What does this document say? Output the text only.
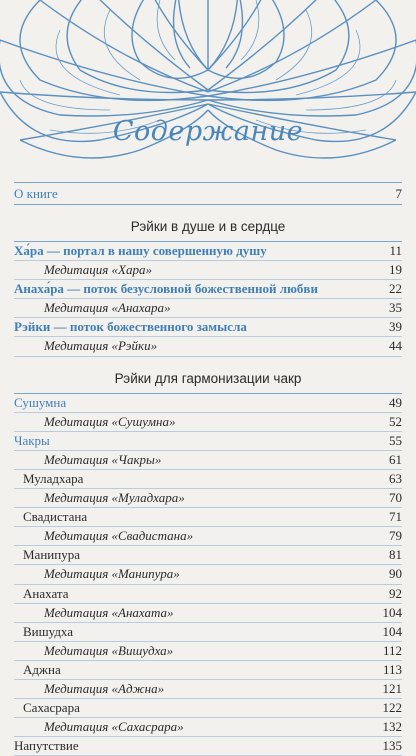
Содержание
О книге	7
Рэйки в душе и в сердце
Ха́ра — портал в нашу совершенную душу	11
Медитация «Хара»	19
Анаха́ра — поток безусловной божественной любви	22
Медитация «Анахара»	35
Рэйки — поток божественного замысла	39
Медитация «Рэйки»	44
Рэйки для гармонизации чакр
Сушумна	49
Медитация «Сушумна»	52
Чакры	55
Медитация «Чакры»	61
Муладхара	63
Медитация «Муладхара»	70
Свадистана	71
Медитация «Свадистана»	79
Манипура	81
Медитация «Манипура»	90
Анахата	92
Медитация «Анахата»	104
Вишудха	104
Медитация «Вишудха»	112
Аджна	113
Медитация «Аджна»	121
Сахасрара	122
Медитация «Сахасрара»	132
Напутствие	135
